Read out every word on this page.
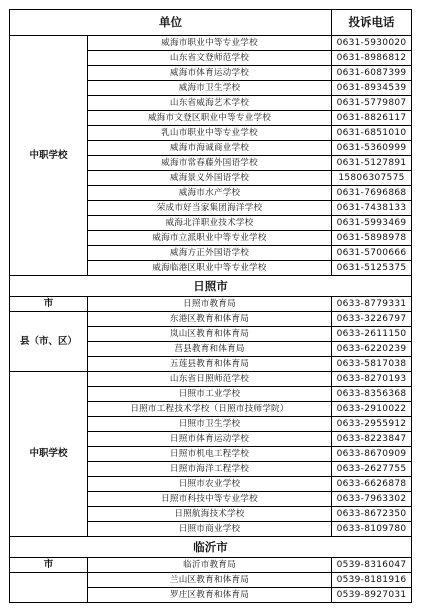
单位		投诉电话
中职学校	威海市职业中等专业学校	0631-5930020
	山东省文登师范学校	0631-8986812
	威海市体育运动学校	0631-6087399
	威海市卫生学校	0631-8934539
	山东省威海艺术学校	0631-5779807
	威海市文登区职业中等专业学校	0631-8826117
	乳山市职业中等专业学校	0631-6851010
	威海市海诚商业学校	0631-5360999
	威海市常春藤外国语学校	0631-5127891
	威海景义外国语学校	15806307575
	威海市水产学校	0631-7696868
	荣成市好当家集团海洋学校	0631-7438133
	威海北洋职业技术学校	0631-5993469
	威海市立派职业中等专业学校	0631-5898978
	威海方正外国语学校	0631-5700666
	威海临港区职业中等专业学校	0631-5125375
日照市		
市	日照市教育局	0633-8779331
县（市、区）	东港区教育和体育局	0633-3226797
	岚山区教育和体育局	0633-2611150
	莒县教育和体育局	0633-6220239
	五莲县教育和体育局	0633-5817038
中职学校	山东省日照师范学校	0633-8270193
	日照市工业学校	0633-8356368
	日照市工程技术学校（日照市技师学院）	0633-2910022
	日照市卫生学校	0633-2955912
	日照市体育运动学校	0633-8223847
	日照市机电工程学校	0633-8670909
	日照市海洋工程学校	0633-2627755
	日照市农业学校	0633-6626878
	日照市科技中等专业学校	0633-7963302
	日照航海技术学校	0633-8672350
	日照市商业学校	0633-8109780
临沂市		
市	临沂市教育局	0539-8316047
	兰山区教育和体育局	0539-8181916
	罗庄区教育和体育局	0539-8927031
